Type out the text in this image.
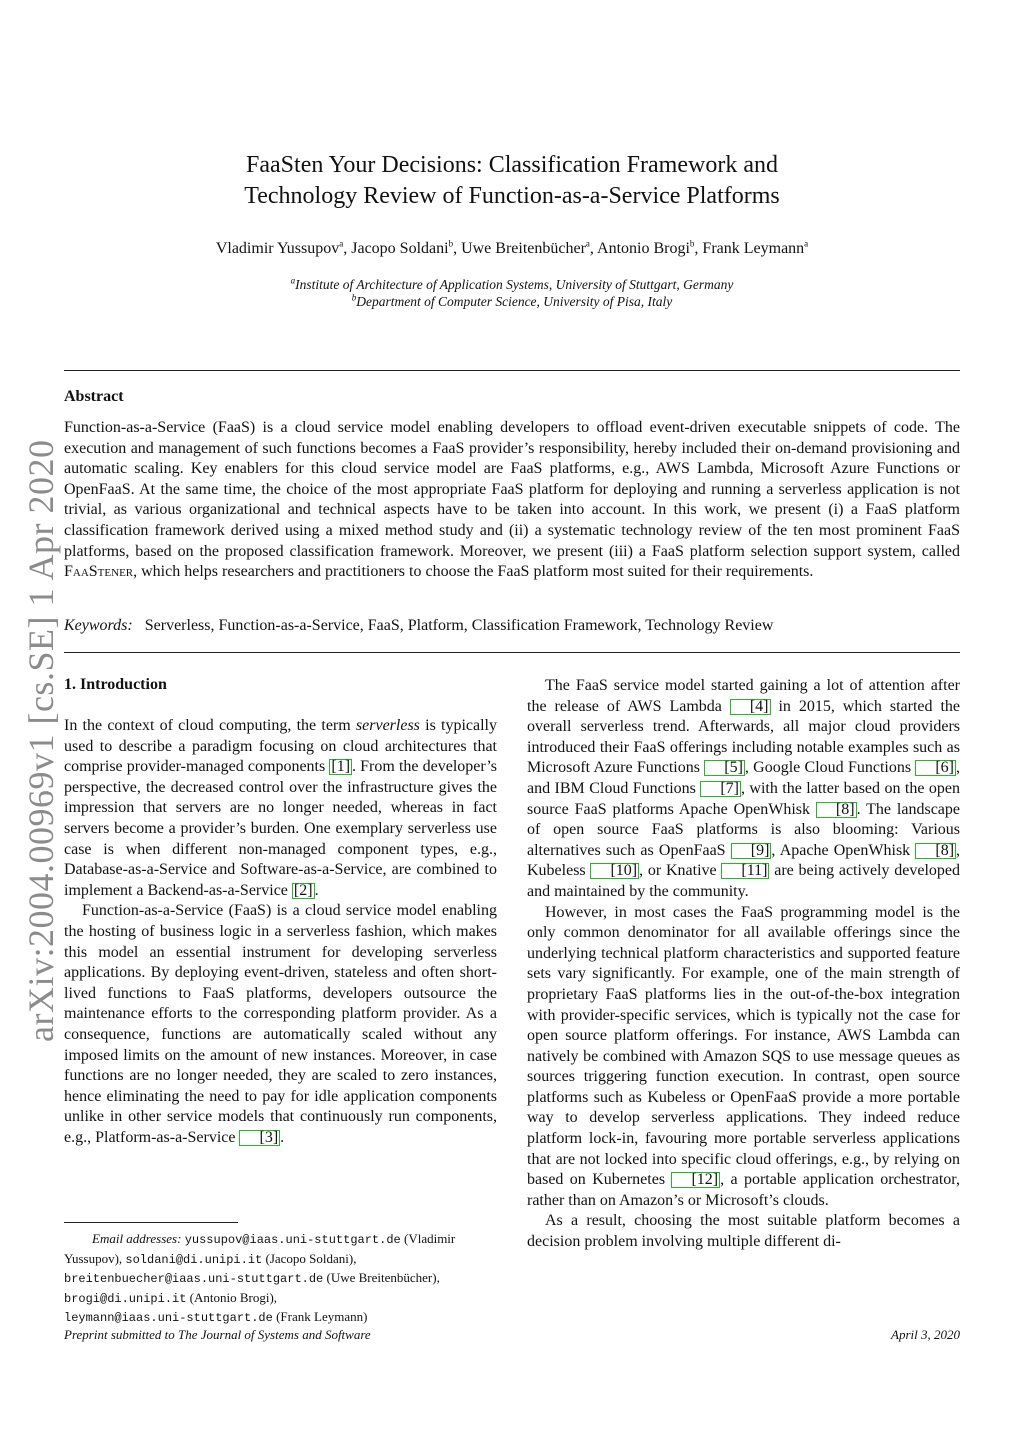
arXiv:2004.00969v1 [cs.SE] 1 Apr 2020
FaaSten Your Decisions: Classification Framework and
Technology Review of Function-as-a-Service Platforms
Vladimir Yussupov$^a$, Jacopo Soldani$^b$, Uwe Breitenbücher$^a$, Antonio Brogi$^b$, Frank Leymann$^a$
$^a$Institute of Architecture of Application Systems, University of Stuttgart, Germany
$^b$Department of Computer Science, University of Pisa, Italy
Abstract
Function-as-a-Service (FaaS) is a cloud service model enabling developers to offload event-driven executable snippets of code. The execution and management of such functions becomes a FaaS provider’s responsibility, hereby included their on-demand provisioning and automatic scaling. Key enablers for this cloud service model are FaaS platforms, e.g., AWS Lambda, Microsoft Azure Functions or OpenFaaS. At the same time, the choice of the most appropriate FaaS platform for deploying and running a serverless application is not trivial, as various organizational and technical aspects have to be taken into account. In this work, we present (i) a FaaS platform classification framework derived using a mixed method study and (ii) a systematic technology review of the ten most prominent FaaS platforms, based on the proposed classification framework. Moreover, we present (iii) a FaaS platform selection support system, called FaaStener, which helps researchers and practitioners to choose the FaaS platform most suited for their requirements.
Keywords: Serverless, Function-as-a-Service, FaaS, Platform, Classification Framework, Technology Review
1. Introduction

In the context of cloud computing, the term serverless is typically used to describe a paradigm focusing on cloud architectures that comprise provider-managed components [1] . From the developer’s perspective, the decreased control over the infrastructure gives the impression that servers are no longer needed, whereas in fact servers become a provider’s burden. One exemplary serverless use case is when different non-managed component types, e.g., Database-as-a-Service and Software-as-a-Service, are combined to implement a Backend-as-a-Service [2] .

Function-as-a-Service (FaaS) is a cloud service model enabling the hosting of business logic in a serverless fashion, which makes this model an essential instrument for developing serverless applications. By deploying event-driven, stateless and often short-lived functions to FaaS platforms, developers outsource the maintenance efforts to the corresponding platform provider. As a consequence, functions are automatically scaled without any imposed limits on the amount of new instances. Moreover, in case functions are no longer needed, they are scaled to zero instances, hence eliminating the need to pay for idle application components unlike in other service models that continuously run components, e.g., Platform-as-a-Service [3] .

The FaaS service model started gaining a lot of attention after the release of AWS Lambda [4] in 2015, which started the overall serverless trend. Afterwards, all major cloud providers introduced their FaaS offerings including notable examples such as Microsoft Azure Functions [5] , Google Cloud Functions [6] , and IBM Cloud Functions [7] , with the latter based on the open source FaaS platforms Apache OpenWhisk [8] . The landscape of open source FaaS platforms is also blooming: Various alternatives such as OpenFaaS [9] , Apache OpenWhisk [8] , Kubeless [10] , or Knative [11] are being actively developed and maintained by the community.

However, in most cases the FaaS programming model is the only common denominator for all available offerings since the underlying technical platform characteristics and supported feature sets vary significantly. For example, one of the main strength of proprietary FaaS platforms lies in the out-of-the-box integration with provider-specific services, which is typically not the case for open source platform offerings. For instance, AWS Lambda can natively be combined with Amazon SQS to use message queues as sources triggering function execution. In contrast, open source platforms such as Kubeless or OpenFaaS provide a more portable way to develop serverless applications. They indeed reduce platform lock-in, favouring more portable serverless applications that are not locked into specific cloud offerings, e.g., by relying on based on Kubernetes [12] , a portable application orchestrator, rather than on Amazon’s or Microsoft’s clouds.

As a result, choosing the most suitable platform becomes a decision problem involving multiple different di-

Email addresses: yussupov@iaas.uni-stuttgart.de (Vladimir Yussupov), soldani@di.unipi.it (Jacopo Soldani),
breitenbuecher@iaas.uni-stuttgart.de (Uwe Breitenbücher),
brogi@di.unipi.it (Antonio Brogi),
leymann@iaas.uni-stuttgart.de (Frank Leymann)
Preprint submitted to The Journal of Systems and Software	April 3, 2020
